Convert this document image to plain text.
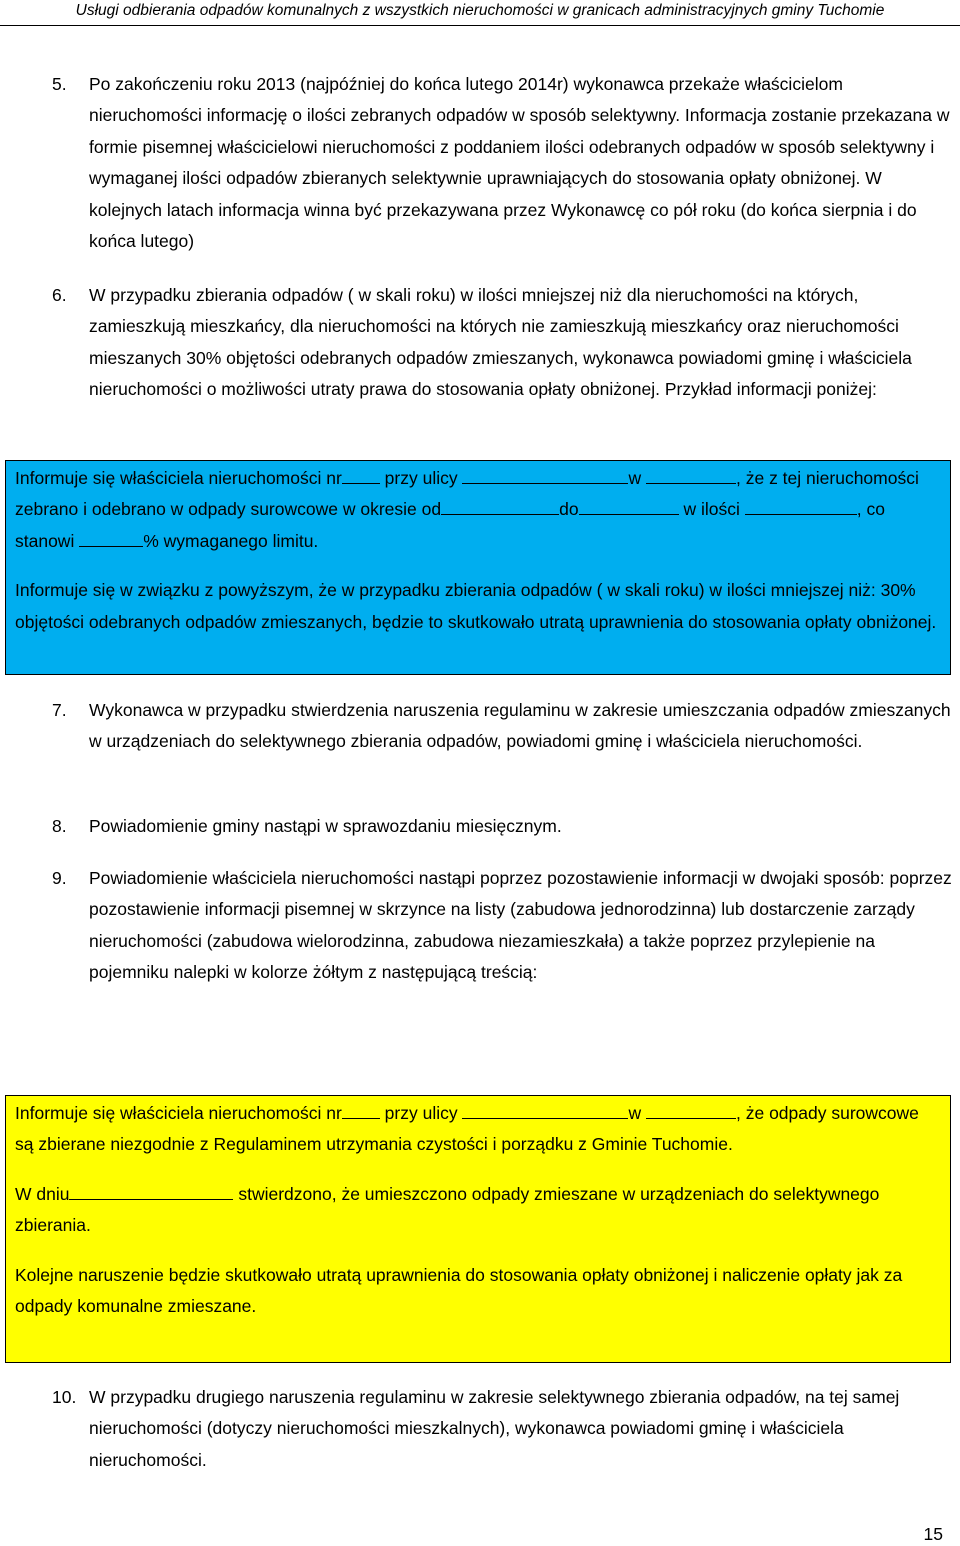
Usługi odbierania odpadów komunalnych z wszystkich nieruchomości w granicach administracyjnych gminy Tuchomie
5. Po zakończeniu roku 2013 (najpóźniej do końca lutego 2014r) wykonawca przekaże właścicielom nieruchomości informację o ilości zebranych odpadów w sposób selektywny. Informacja zostanie przekazana w formie pisemnej właścicielowi nieruchomości z poddaniem ilości odebranych odpadów w sposób selektywny i wymaganej ilości odpadów zbieranych selektywnie uprawniających do stosowania opłaty obniżonej. W kolejnych latach informacja winna być przekazywana przez Wykonawcę co pół roku (do końca sierpnia i do końca lutego)
6. W przypadku zbierania odpadów ( w skali roku) w ilości mniejszej niż dla nieruchomości na których, zamieszkują mieszkańcy, dla nieruchomości na których nie zamieszkują mieszkańcy oraz nieruchomości mieszanych 30% objętości odebranych odpadów zmieszanych, wykonawca powiadomi gminę i właściciela nieruchomości o możliwości utraty prawa do stosowania opłaty obniżonej. Przykład informacji poniżej:

Informuje się właściciela nieruchomości nr przy ulicy	w	, że z tej nieruchomości zebrano i odebrano w odpady surowcowe w okresie od	do	w ilości	, co stanowi	% wymaganego limitu.

Informuje się w związku z powyższym, że w przypadku zbierania odpadów ( w skali roku) w ilości mniejszej niż: 30% objętości odebranych odpadów zmieszanych, będzie to skutkowało utratą uprawnienia do stosowania opłaty obniżonej.

7. Wykonawca w przypadku stwierdzenia naruszenia regulaminu w zakresie umieszczania odpadów zmieszanych w urządzeniach do selektywnego zbierania odpadów, powiadomi gminę i właściciela nieruchomości.
8. Powiadomienie gminy nastąpi w sprawozdaniu miesięcznym.
9. Powiadomienie właściciela nieruchomości nastąpi poprzez pozostawienie informacji w dwojaki sposób: poprzez pozostawienie informacji pisemnej w skrzynce na listy (zabudowa jednorodzinna) lub dostarczenie zarządy nieruchomości (zabudowa wielorodzinna, zabudowa niezamieszkała) a także poprzez przylepienie na pojemniku nalepki w kolorze żółtym z następującą treścią:

Informuje się właściciela nieruchomości nr przy ulicy	w	, że odpady surowcowe są zbierane niezgodnie z Regulaminem utrzymania czystości i porządku z Gminie Tuchomie.

W dniu	stwierdzono, że umieszczono odpady zmieszane w urządzeniach do selektywnego zbierania.

Kolejne naruszenie będzie skutkowało utratą uprawnienia do stosowania opłaty obniżonej i naliczenie opłaty jak za odpady komunalne zmieszane.

10. W przypadku drugiego naruszenia regulaminu w zakresie selektywnego zbierania odpadów, na tej samej nieruchomości (dotyczy nieruchomości mieszkalnych), wykonawca powiadomi gminę i właściciela nieruchomości.
15
